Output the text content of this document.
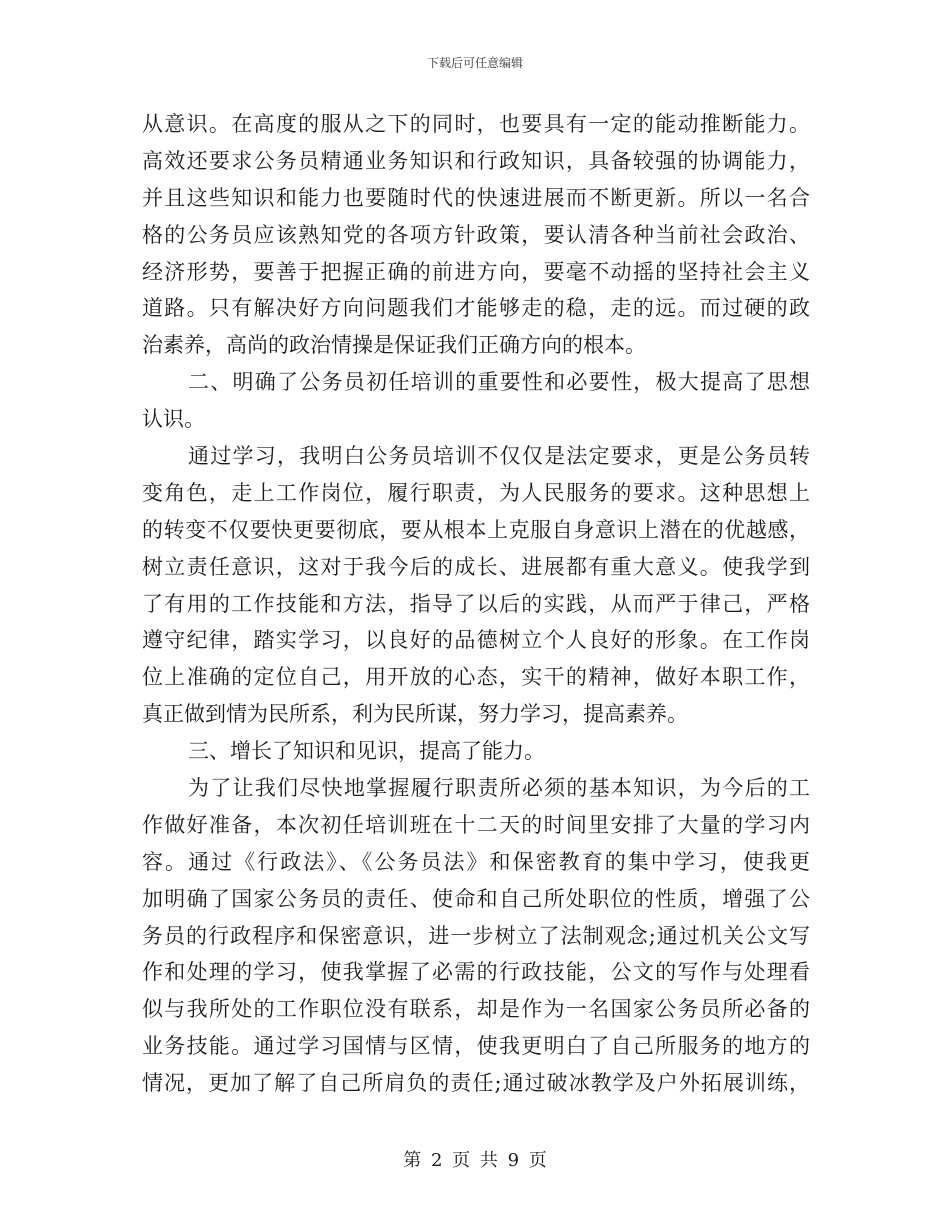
下载后可任意编辑
从意识。在高度的服从之下的同时，也要具有一定的能动推断能力。
高效还要求公务员精通业务知识和行政知识，具备较强的协调能力，
并且这些知识和能力也要随时代的快速进展而不断更新。所以一名合
格的公务员应该熟知党的各项方针政策，要认清各种当前社会政治、
经济形势，要善于把握正确的前进方向，要毫不动摇的坚持社会主义
道路。只有解决好方向问题我们才能够走的稳，走的远。而过硬的政
治素养，高尚的政治情操是保证我们正确方向的根本。
二、明确了公务员初任培训的重要性和必要性，极大提高了思想
认识。
通过学习，我明白公务员培训不仅仅是法定要求，更是公务员转
变角色，走上工作岗位，履行职责，为人民服务的要求。这种思想上
的转变不仅要快更要彻底，要从根本上克服自身意识上潜在的优越感，
树立责任意识，这对于我今后的成长、进展都有重大意义。使我学到
了有用的工作技能和方法，指导了以后的实践，从而严于律己，严格
遵守纪律，踏实学习，以良好的品德树立个人良好的形象。在工作岗
位上准确的定位自己，用开放的心态，实干的精神，做好本职工作，
真正做到情为民所系，利为民所谋，努力学习，提高素养。
三、增长了知识和见识，提高了能力。
为了让我们尽快地掌握履行职责所必须的基本知识，为今后的工
作做好准备，本次初任培训班在十二天的时间里安排了大量的学习内
容。通过《行政法》、《公务员法》和保密教育的集中学习，使我更
加明确了国家公务员的责任、使命和自己所处职位的性质，增强了公
务员的行政程序和保密意识，进一步树立了法制观念;通过机关公文写
作和处理的学习，使我掌握了必需的行政技能，公文的写作与处理看
似与我所处的工作职位没有联系，却是作为一名国家公务员所必备的
业务技能。通过学习国情与区情，使我更明白了自己所服务的地方的
情况，更加了解了自己所肩负的责任;通过破冰教学及户外拓展训练，
第 2 页 共 9 页
